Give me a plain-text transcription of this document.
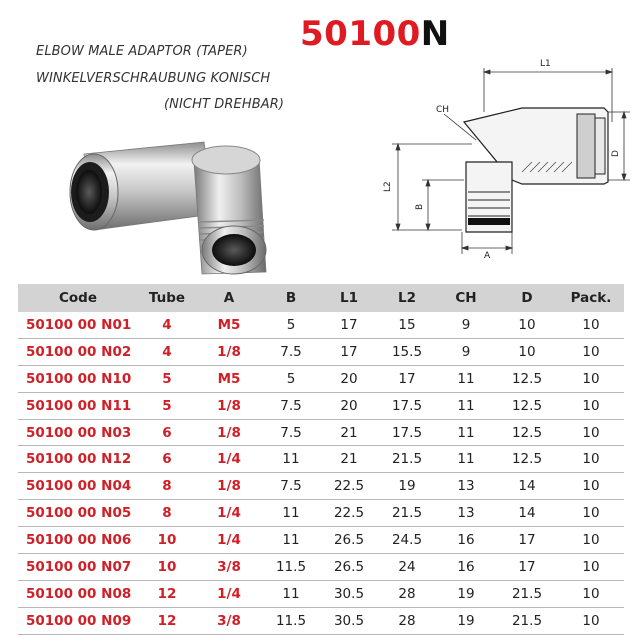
50100N
ELBOW MALE ADAPTOR (TAPER)
WINKELVERSCHRAUBUNG KONISCH
(NICHT DREHBAR)
L1
CH
D
L2
B
A
Code	Tube	A	B	L1	L2	CH	D	Pack.
50100 00 N01	4	M5	5	17	15	9	10	10
50100 00 N02	4	1/8	7.5	17	15.5	9	10	10
50100 00 N10	5	M5	5	20	17	11	12.5	10
50100 00 N11	5	1/8	7.5	20	17.5	11	12.5	10
50100 00 N03	6	1/8	7.5	21	17.5	11	12.5	10
50100 00 N12	6	1/4	11	21	21.5	11	12.5	10
50100 00 N04	8	1/8	7.5	22.5	19	13	14	10
50100 00 N05	8	1/4	11	22.5	21.5	13	14	10
50100 00 N06	10	1/4	11	26.5	24.5	16	17	10
50100 00 N07	10	3/8	11.5	26.5	24	16	17	10
50100 00 N08	12	1/4	11	30.5	28	19	21.5	10
50100 00 N09	12	3/8	11.5	30.5	28	19	21.5	10
